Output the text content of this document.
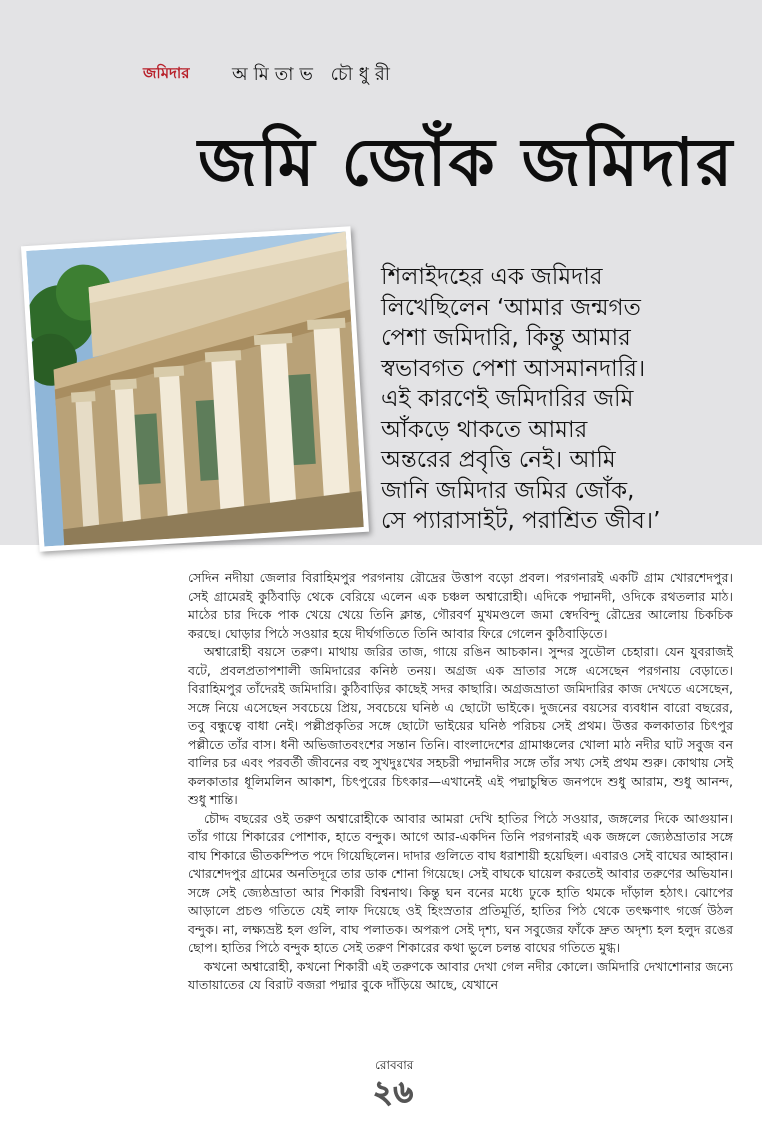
জমিদার অমিতাভ চৌধুরী
জমি জোঁক জমিদার
শিলাইদহের এক জমিদার
লিখেছিলেন ‘আমার জন্মগত
পেশা জমিদারি, কিন্তু আমার
স্বভাবগত পেশা আসমানদারি।
এই কারণেই জমিদারির জমি
আঁকড়ে থাকতে আমার
অন্তরের প্রবৃত্তি নেই। আমি
জানি জমিদার জমির জোঁক,
সে প্যারাসাইট, পরাশ্রিত জীব।’

সেদিন নদীয়া জেলার বিরাহিমপুর পরগনায় রৌদ্রের উত্তাপ বড়ো প্রবল। পরগনারই একটি গ্রাম খোরশেদপুর। সেই গ্রামেরই কুঠিবাড়ি থেকে বেরিয়ে এলেন এক চঞ্চল অশ্বারোহী। এদিকে পদ্মানদী, ওদিকে রথতলার মাঠ। মাঠের চার দিকে পাক খেয়ে খেয়ে তিনি ক্লান্ত, গৌরবর্ণ মুখমণ্ডলে জমা স্বেদবিন্দু রৌদ্রের আলোয় চিকচিক করছে। ঘোড়ার পিঠে সওয়ার হয়ে দীর্ঘগতিতে তিনি আবার ফিরে গেলেন কুঠিবাড়িতে।

অশ্বারোহী বয়সে তরুণ। মাথায় জরির তাজ, গায়ে রঙিন আচকান। সুন্দর সুডৌল চেহারা। যেন যুবরাজই বটে, প্রবলপ্রতাপশালী জমিদারের কনিষ্ঠ তনয়। অগ্রজ এক ভ্রাতার সঙ্গে এসেছেন পরগনায় বেড়াতে। বিরাহিমপুর তাঁদেরই জমিদারি। কুঠিবাড়ির কাছেই সদর কাছারি। অগ্রজভ্রাতা জমিদারির কাজ দেখতে এসেছেন, সঙ্গে নিয়ে এসেছেন সবচেয়ে প্রিয়, সবচেয়ে ঘনিষ্ঠ এ ছোটো ভাইকে। দুজনের বয়সের ব্যবধান বারো বছরের, তবু বন্ধুত্বে বাধা নেই। পল্লীপ্রকৃতির সঙ্গে ছোটো ভাইয়ের ঘনিষ্ঠ পরিচয় সেই প্রথম। উত্তর কলকাতার চিৎপুর পল্লীতে তাঁর বাস। ধনী অভিজাতবংশের সন্তান তিনি। বাংলাদেশের গ্রামাঞ্চলের খোলা মাঠ নদীর ঘাট সবুজ বন বালির চর এবং পরবর্তী জীবনের বহু সুখদুঃখের সহচরী পদ্মানদীর সঙ্গে তাঁর সখ্য সেই প্রথম শুরু। কোথায় সেই কলকাতার ধূলিমলিন আকাশ, চিৎপুরের চিৎকার—এখানেই এই পদ্মাচুম্বিত জনপদে শুধু আরাম, শুধু আনন্দ, শুধু শান্তি।

চৌদ্দ বছরের ওই তরুণ অশ্বারোহীকে আবার আমরা দেখি হাতির পিঠে সওয়ার, জঙ্গলের দিকে আগুয়ান। তাঁর গায়ে শিকারের পোশাক, হাতে বন্দুক। আগে আর-একদিন তিনি পরগনারই এক জঙ্গলে জ্যেষ্ঠভ্রাতার সঙ্গে বাঘ শিকারে ভীতকম্পিত পদে গিয়েছিলেন। দাদার গুলিতে বাঘ ধরাশায়ী হয়েছিল। এবারও সেই বাঘের আহ্বান। খোরশেদপুর গ্রামের অনতিদূরে তার ডাক শোনা গিয়েছে। সেই বাঘকে ঘায়েল করতেই আবার তরুণের অভিযান। সঙ্গে সেই জ্যেষ্ঠভ্রাতা আর শিকারী বিশ্বনাথ। কিন্তু ঘন বনের মধ্যে ঢুকে হাতি থমকে দাঁড়াল হঠাৎ। ঝোপের আড়ালে প্রচণ্ড গতিতে যেই লাফ দিয়েছে ওই হিংস্রতার প্রতিমূর্তি, হাতির পিঠ থেকে তৎক্ষণাৎ গর্জে উঠল বন্দুক। না, লক্ষ্যভ্রষ্ট হল গুলি, বাঘ পলাতক। অপরূপ সেই দৃশ্য, ঘন সবুজের ফাঁকে দ্রুত অদৃশ্য হল হলুদ রঙের ছোপ। হাতির পিঠে বন্দুক হাতে সেই তরুণ শিকারের কথা ভুলে চলন্ত বাঘের গতিতে মুগ্ধ।

কখনো অশ্বারোহী, কখনো শিকারী এই তরুণকে আবার দেখা গেল নদীর কোলে। জমিদারি দেখাশোনার জন্যে যাতায়াতের যে বিরাট বজরা পদ্মার বুকে দাঁড়িয়ে আছে, যেখানে

রোববার
২৬
